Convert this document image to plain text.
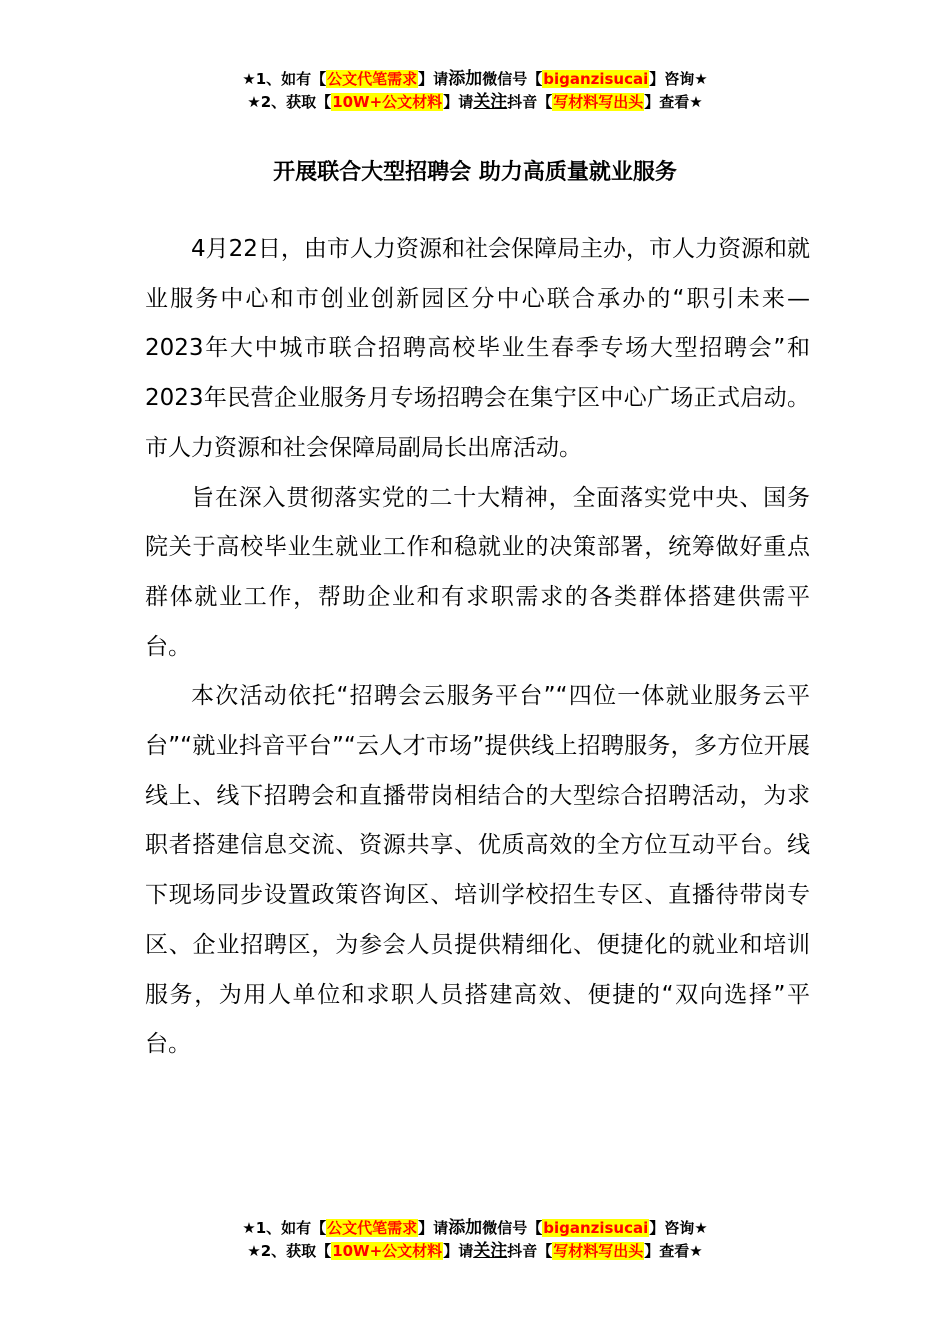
★1、如有【公文代笔需求】请添加微信号【biganzisucai】咨询★
★2、获取【10W+公文材料】请关注抖音【写材料写出头】查看★
开展联合大型招聘会 助力高质量就业服务

4月22日，由市人力资源和社会保障局主办，市人力资源和就业服务中心和市创业创新园区分中心联合承办的“职引未来—2023年大中城市联合招聘高校毕业生春季专场大型招聘会”和2023年民营企业服务月专场招聘会在集宁区中心广场正式启动。市人力资源和社会保障局副局长出席活动。

旨在深入贯彻落实党的二十大精神，全面落实党中央、国务院关于高校毕业生就业工作和稳就业的决策部署，统筹做好重点群体就业工作，帮助企业和有求职需求的各类群体搭建供需平台。

本次活动依托“招聘会云服务平台”“四位一体就业服务云平台”“就业抖音平台”“云人才市场”提供线上招聘服务，多方位开展线上、线下招聘会和直播带岗相结合的大型综合招聘活动，为求职者搭建信息交流、资源共享、优质高效的全方位互动平台。线下现场同步设置政策咨询区、培训学校招生专区、直播待带岗专区、企业招聘区，为参会人员提供精细化、便捷化的就业和培训服务，为用人单位和求职人员搭建高效、便捷的“双向选择”平台。

★1、如有【公文代笔需求】请添加微信号【biganzisucai】咨询★
★2、获取【10W+公文材料】请关注抖音【写材料写出头】查看★
